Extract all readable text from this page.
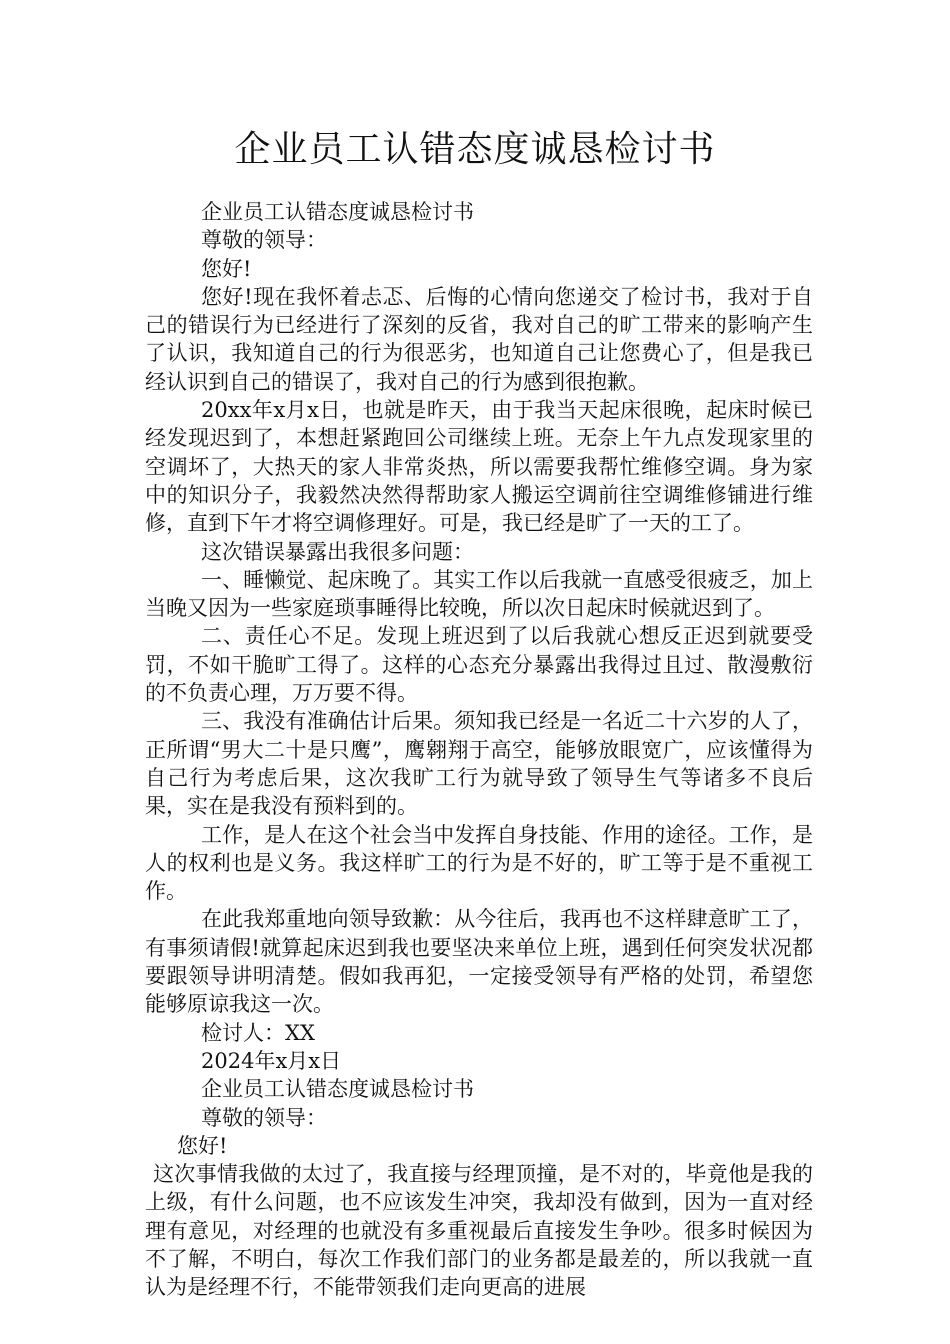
企业员工认错态度诚恳检讨书

企业员工认错态度诚恳检讨书

尊敬的领导：

您好!

您好!现在我怀着忐忑、后悔的心情向您递交了检讨书，我对于自己的错误行为已经进行了深刻的反省，我对自己的旷工带来的影响产生了认识，我知道自己的行为很恶劣，也知道自己让您费心了，但是我已经认识到自己的错误了，我对自己的行为感到很抱歉。

20xx年x月x日，也就是昨天，由于我当天起床很晚，起床时候已经发现迟到了，本想赶紧跑回公司继续上班。无奈上午九点发现家里的空调坏了，大热天的家人非常炎热，所以需要我帮忙维修空调。身为家中的知识分子，我毅然决然得帮助家人搬运空调前往空调维修铺进行维修，直到下午才将空调修理好。可是，我已经是旷了一天的工了。

这次错误暴露出我很多问题：

一、睡懒觉、起床晚了。其实工作以后我就一直感受很疲乏，加上当晚又因为一些家庭琐事睡得比较晚，所以次日起床时候就迟到了。

二、责任心不足。发现上班迟到了以后我就心想反正迟到就要受罚，不如干脆旷工得了。这样的心态充分暴露出我得过且过、散漫敷衍的不负责心理，万万要不得。

三、我没有准确估计后果。须知我已经是一名近二十六岁的人了，正所谓“男大二十是只鹰”，鹰翱翔于高空，能够放眼宽广，应该懂得为自己行为考虑后果，这次我旷工行为就导致了领导生气等诸多不良后果，实在是我没有预料到的。

工作，是人在这个社会当中发挥自身技能、作用的途径。工作，是人的权利也是义务。我这样旷工的行为是不好的，旷工等于是不重视工作。

在此我郑重地向领导致歉：从今往后，我再也不这样肆意旷工了，有事须请假!就算起床迟到我也要坚决来单位上班，遇到任何突发状况都要跟领导讲明清楚。假如我再犯，一定接受领导有严格的处罚，希望您能够原谅我这一次。

检讨人：XX

2024年x月x日

企业员工认错态度诚恳检讨书

尊敬的领导：

您好!

这次事情我做的太过了，我直接与经理顶撞，是不对的，毕竟他是我的上级，有什么问题，也不应该发生冲突，我却没有做到，因为一直对经理有意见，对经理的也就没有多重视最后直接发生争吵。很多时候因为不了解，不明白，每次工作我们部门的业务都是最差的，所以我就一直认为是经理不行，不能带领我们走向更高的进展
